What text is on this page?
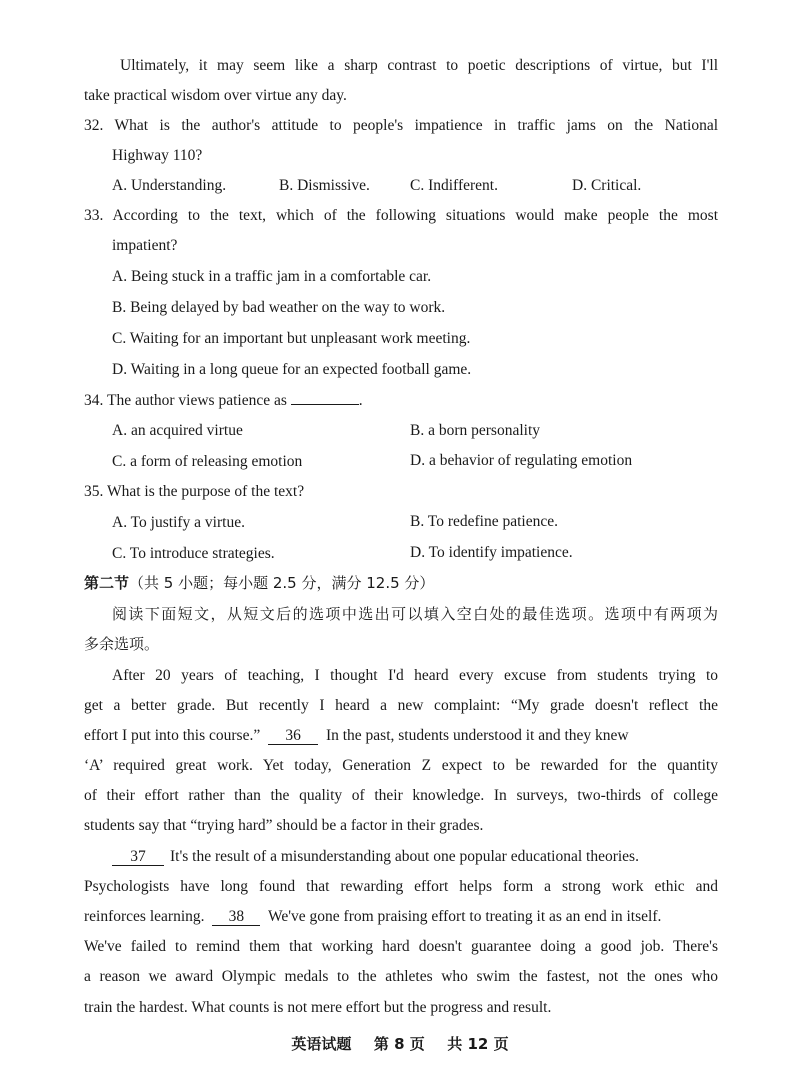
Ultimately, it may seem like a sharp contrast to poetic descriptions of virtue, but I'll
take practical wisdom over virtue any day.
32. What is the author's attitude to people's impatience in traffic jams on the National
Highway 110?
A. Understanding.	B. Dismissive.	C. Indifferent.	D. Critical.
33. According to the text, which of the following situations would make people the most
impatient?
A. Being stuck in a traffic jam in a comfortable car.
B. Being delayed by bad weather on the way to work.
C. Waiting for an important but unpleasant work meeting.
D. Waiting in a long queue for an expected football game.
34. The author views patience as	.
A. an acquired virtue	B. a born personality
C. a form of releasing emotion	D. a behavior of regulating emotion
35. What is the purpose of the text?
A. To justify a virtue.	B. To redefine patience.
C. To introduce strategies.	D. To identify impatience.
第二节（共 5 小题；每小题 2.5 分，满分 12.5 分）
阅读下面短文，从短文后的选项中选出可以填入空白处的最佳选项。选项中有两项为
多余选项。
After 20 years of teaching, I thought I'd heard every excuse from students trying to
get a better grade. But recently I heard a new complaint: “My grade doesn't reflect the
effort I put into this course.” 36 In the past, students understood it and they knew
‘A’ required great work. Yet today, Generation Z expect to be rewarded for the quantity
of their effort rather than the quality of their knowledge. In surveys, two-thirds of college
students say that “trying hard” should be a factor in their grades.
37 It's the result of a misunderstanding about one popular educational theories.
Psychologists have long found that rewarding effort helps form a strong work ethic and
reinforces learning. 38 We've gone from praising effort to treating it as an end in itself.
We've failed to remind them that working hard doesn't guarantee doing a good job. There's
a reason we award Olympic medals to the athletes who swim the fastest, not the ones who
train the hardest. What counts is not mere effort but the progress and result.
英语试题 第 8 页 共 12 页
